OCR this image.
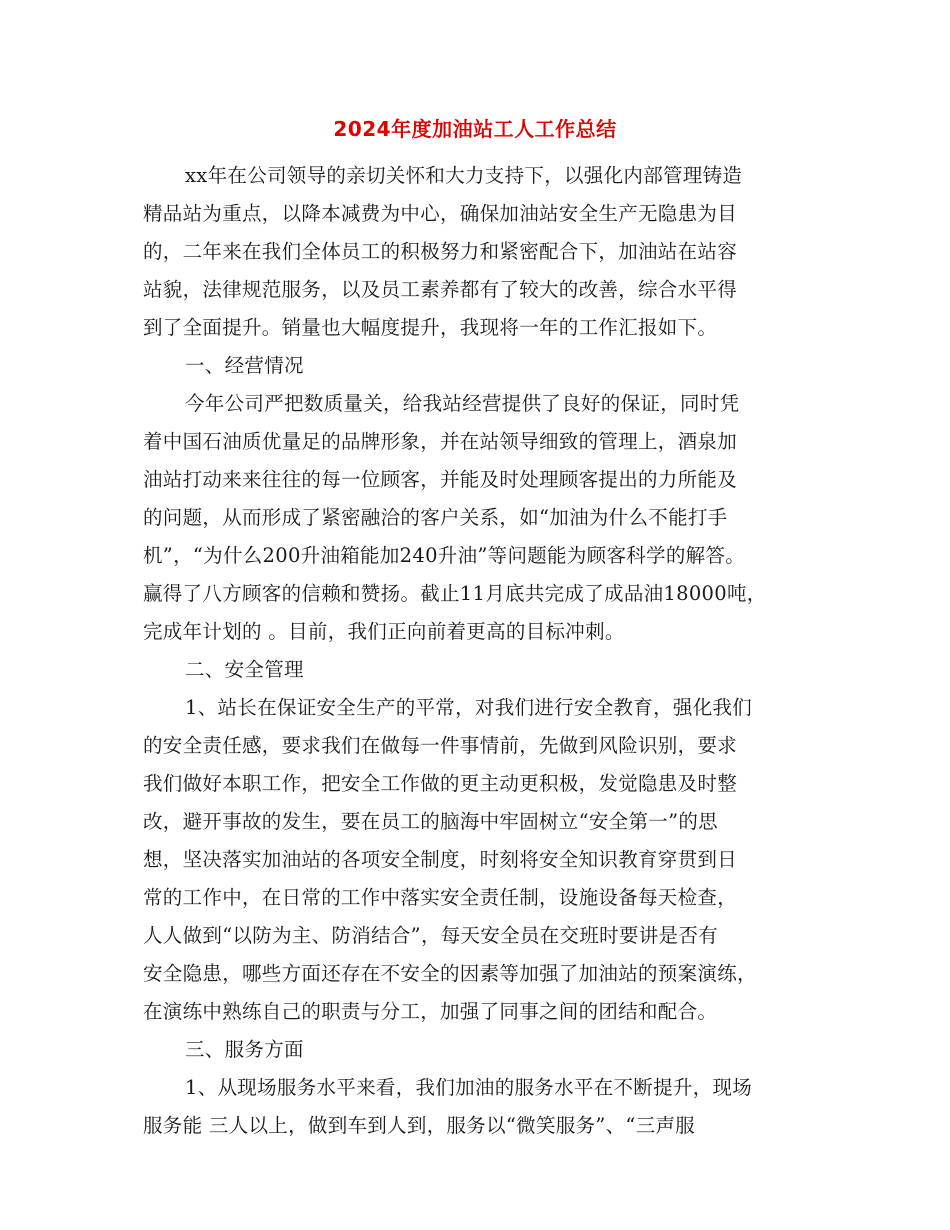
2024年度加油站工人工作总结
xx年在公司领导的亲切关怀和大力支持下，以强化内部管理铸造
精品站为重点，以降本减费为中心，确保加油站安全生产无隐患为目
的，二年来在我们全体员工的积极努力和紧密配合下，加油站在站容
站貌，法律规范服务，以及员工素养都有了较大的改善，综合水平得
到了全面提升。销量也大幅度提升，我现将一年的工作汇报如下。
一、经营情况
今年公司严把数质量关，给我站经营提供了良好的保证，同时凭
着中国石油质优量足的品牌形象，并在站领导细致的管理上，酒泉加
油站打动来来往往的每一位顾客，并能及时处理顾客提出的力所能及
的问题，从而形成了紧密融洽的客户关系，如“加油为什么不能打手
机”，“为什么200升油箱能加240升油”等问题能为顾客科学的解答。
赢得了八方顾客的信赖和赞扬。截止11月底共完成了成品油18000吨，
完成年计划的 。目前，我们正向前着更高的目标冲刺。
二、安全管理
1、站长在保证安全生产的平常，对我们进行安全教育，强化我们
的安全责任感，要求我们在做每一件事情前，先做到风险识别，要求
我们做好本职工作，把安全工作做的更主动更积极，发觉隐患及时整
改，避开事故的发生，要在员工的脑海中牢固树立“安全第一”的思
想，坚决落实加油站的各项安全制度，时刻将安全知识教育穿贯到日
常的工作中，在日常的工作中落实安全责任制，设施设备每天检查，
人人做到“以防为主、防消结合”，每天安全员在交班时要讲是否有
安全隐患，哪些方面还存在不安全的因素等加强了加油站的预案演练，
在演练中熟练自己的职责与分工，加强了同事之间的团结和配合。
三、服务方面
1、从现场服务水平来看，我们加油的服务水平在不断提升，现场
服务能 三人以上，做到车到人到，服务以“微笑服务”、“三声服
